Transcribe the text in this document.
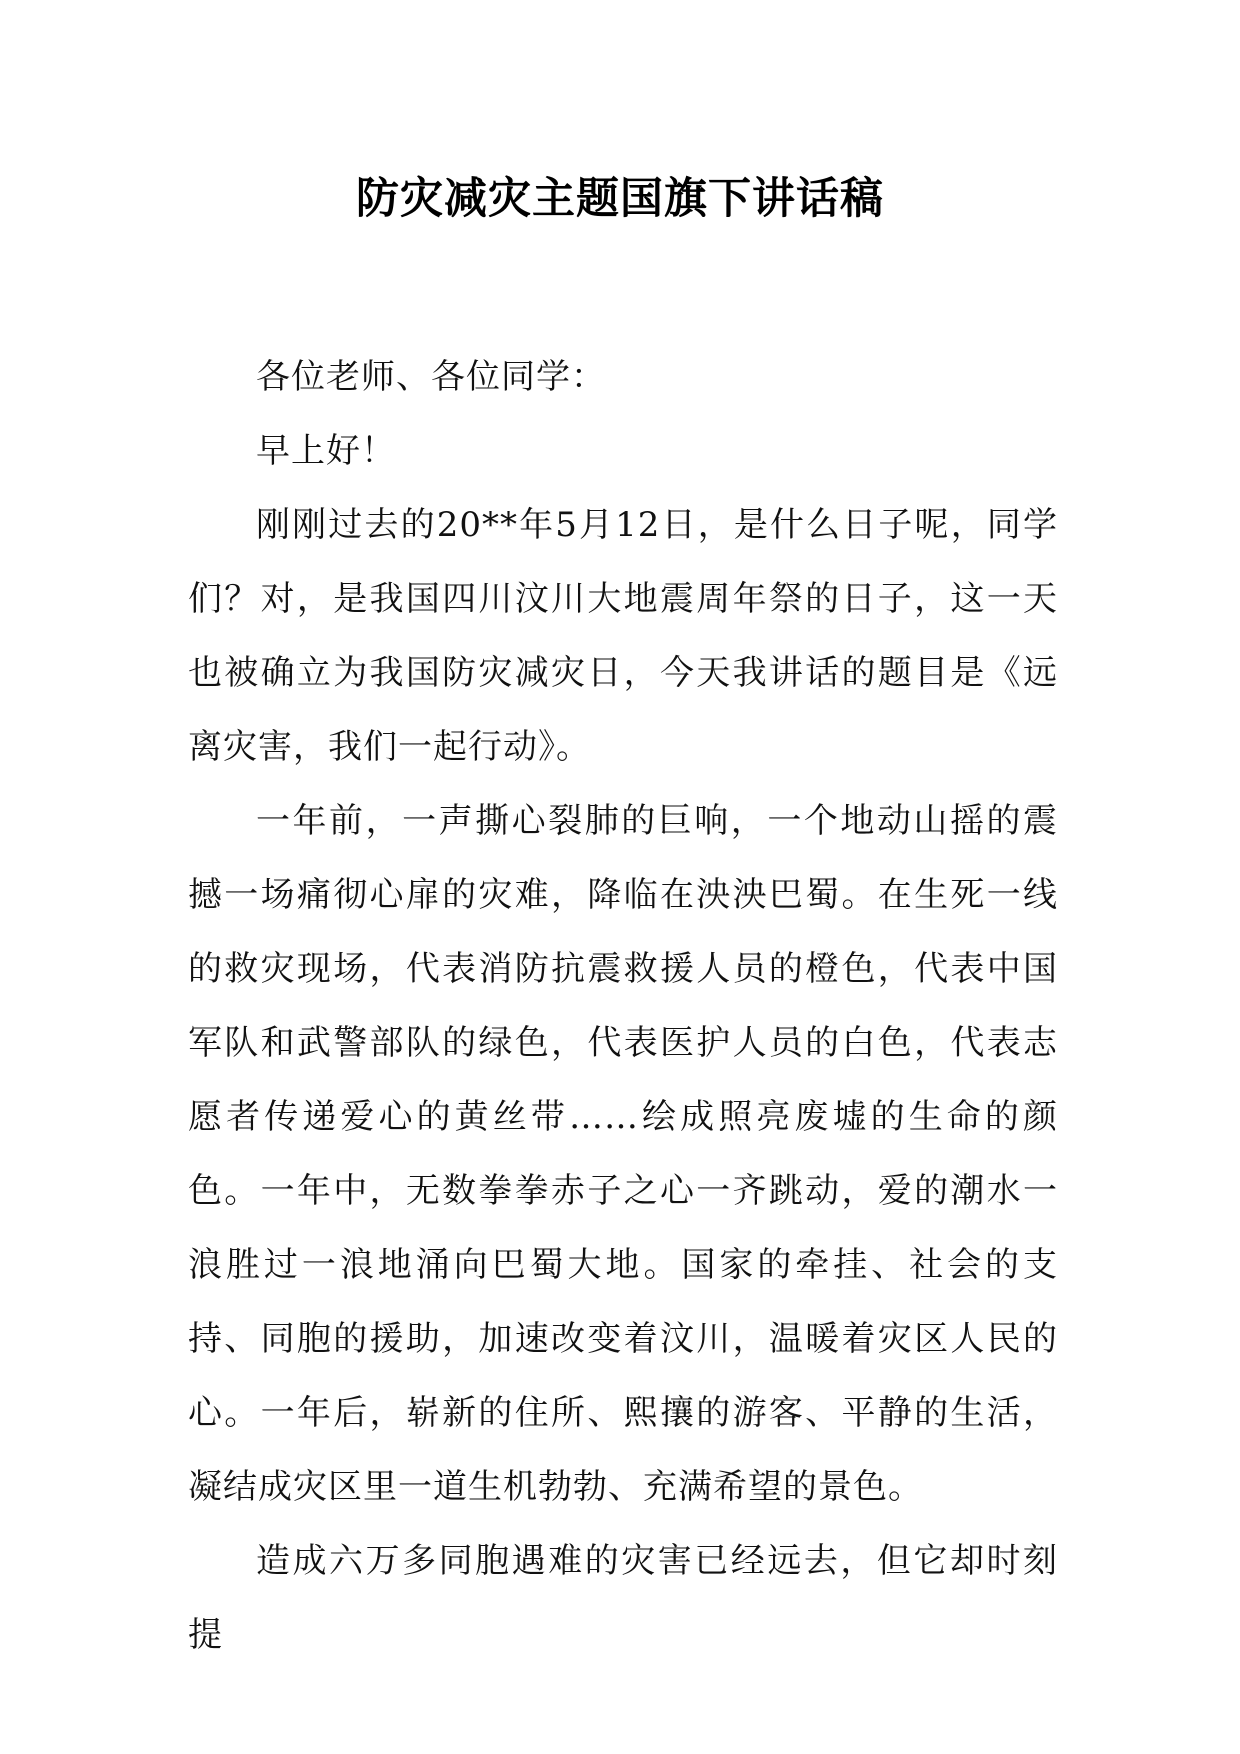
防灾减灾主题国旗下讲话稿

各位老师、各位同学：

早上好！

刚刚过去的20**年5月12日，是什么日子呢，同学们？对，是我国四川汶川大地震周年祭的日子，这一天也被确立为我国防灾减灾日，今天我讲话的题目是《远离灾害，我们一起行动》。

一年前，一声撕心裂肺的巨响，一个地动山摇的震撼一场痛彻心扉的灾难，降临在泱泱巴蜀。在生死一线的救灾现场，代表消防抗震救援人员的橙色，代表中国军队和武警部队的绿色，代表医护人员的白色，代表志愿者传递爱心的黄丝带……绘成照亮废墟的生命的颜色。一年中，无数拳拳赤子之心一齐跳动，爱的潮水一浪胜过一浪地涌向巴蜀大地。国家的牵挂、社会的支持、同胞的援助，加速改变着汶川，温暖着灾区人民的心。一年后，崭新的住所、熙攘的游客、平静的生活，凝结成灾区里一道生机勃勃、充满希望的景色。

造成六万多同胞遇难的灾害已经远去，但它却时刻提
